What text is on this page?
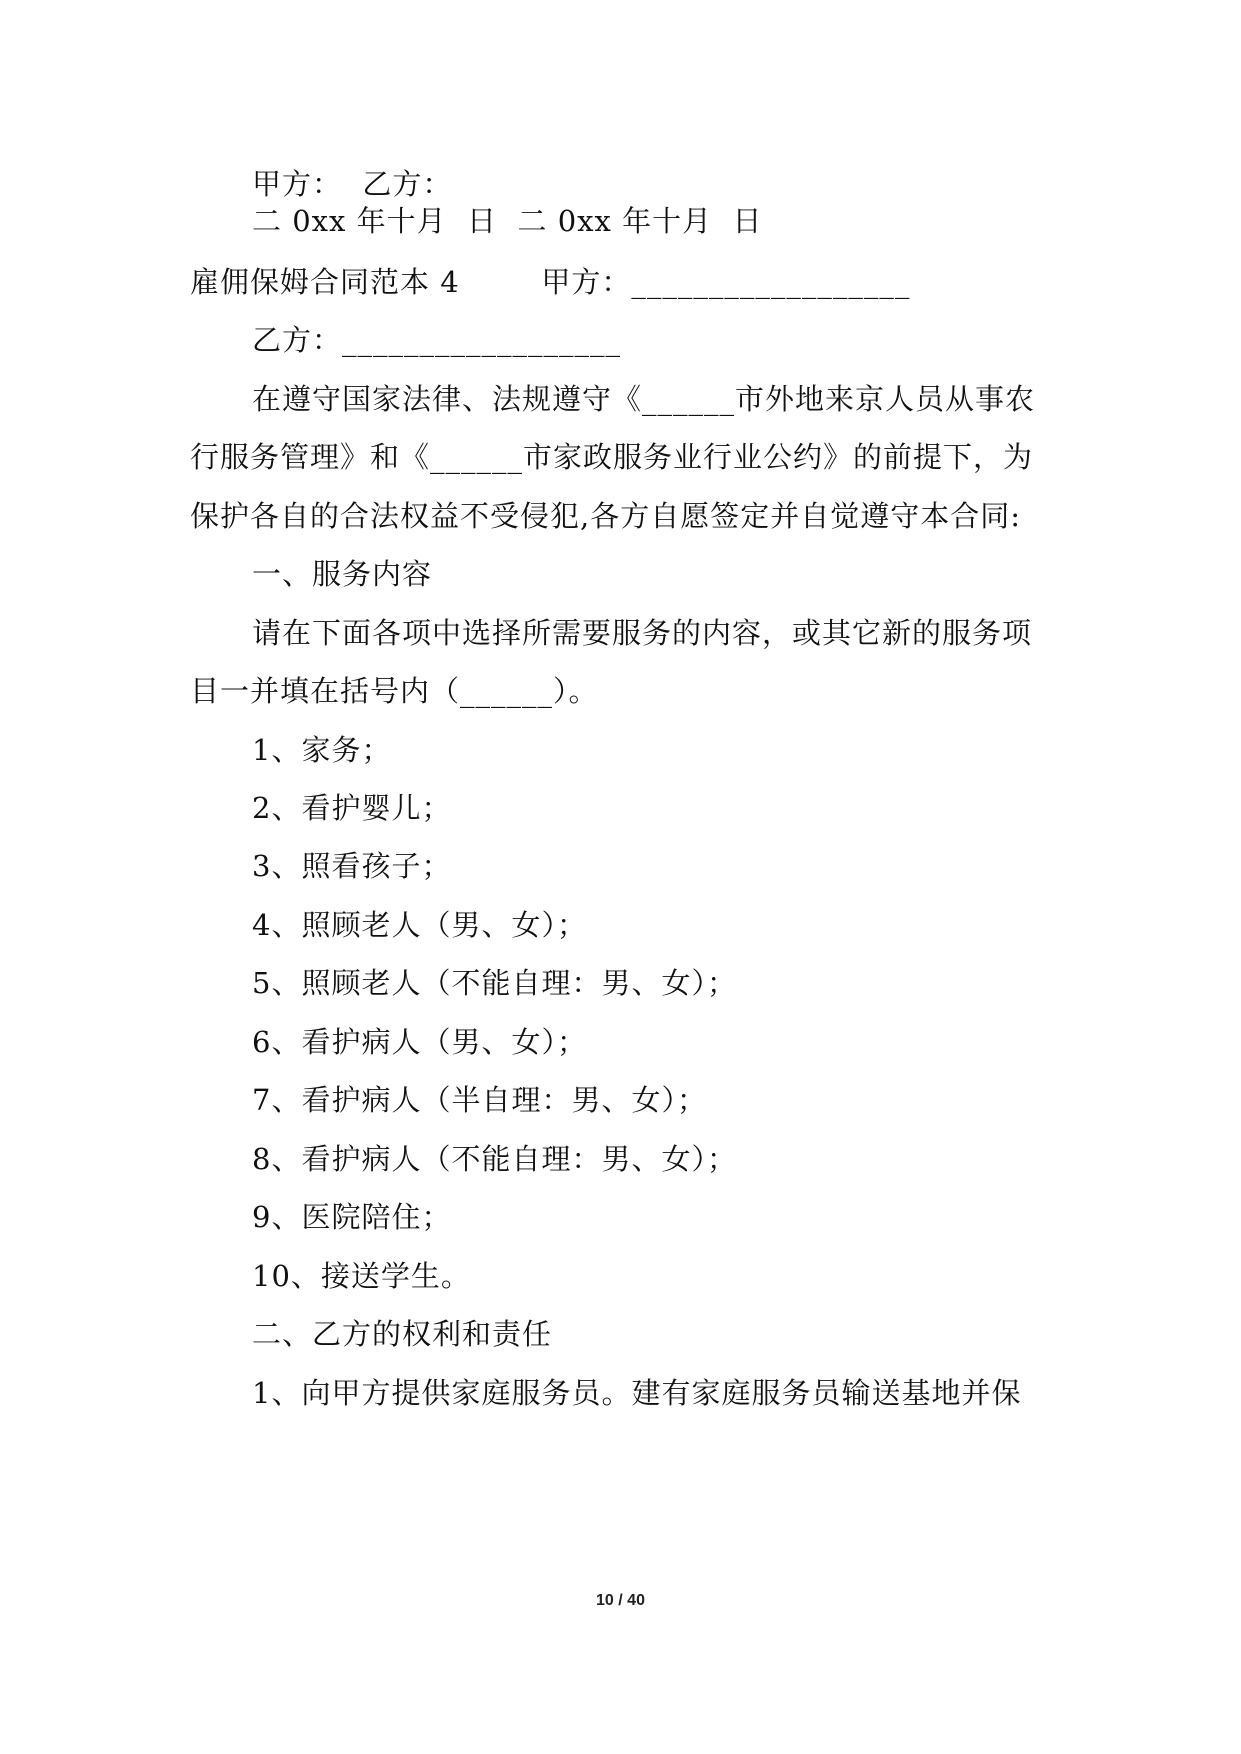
甲方：  乙方：
二 0xx 年十月  日  二 0xx 年十月  日
雇佣保姆合同范本 4        甲方：__________________
乙方：__________________
在遵守国家法律、法规遵守《______市外地来京人员从事农
行服务管理》和《______市家政服务业行业公约》的前提下，为
保护各自的合法权益不受侵犯,各方自愿签定并自觉遵守本合同:
一、服务内容
请在下面各项中选择所需要服务的内容，或其它新的服务项
目一并填在括号内（______）。
1、家务；
2、看护婴儿；
3、照看孩子；
4、照顾老人（男、女）；
5、照顾老人（不能自理：男、女）；
6、看护病人（男、女）；
7、看护病人（半自理：男、女）；
8、看护病人（不能自理：男、女）；
9、医院陪住；
10、接送学生。
二、乙方的权利和责任
1、向甲方提供家庭服务员。建有家庭服务员输送基地并保
10 / 40
